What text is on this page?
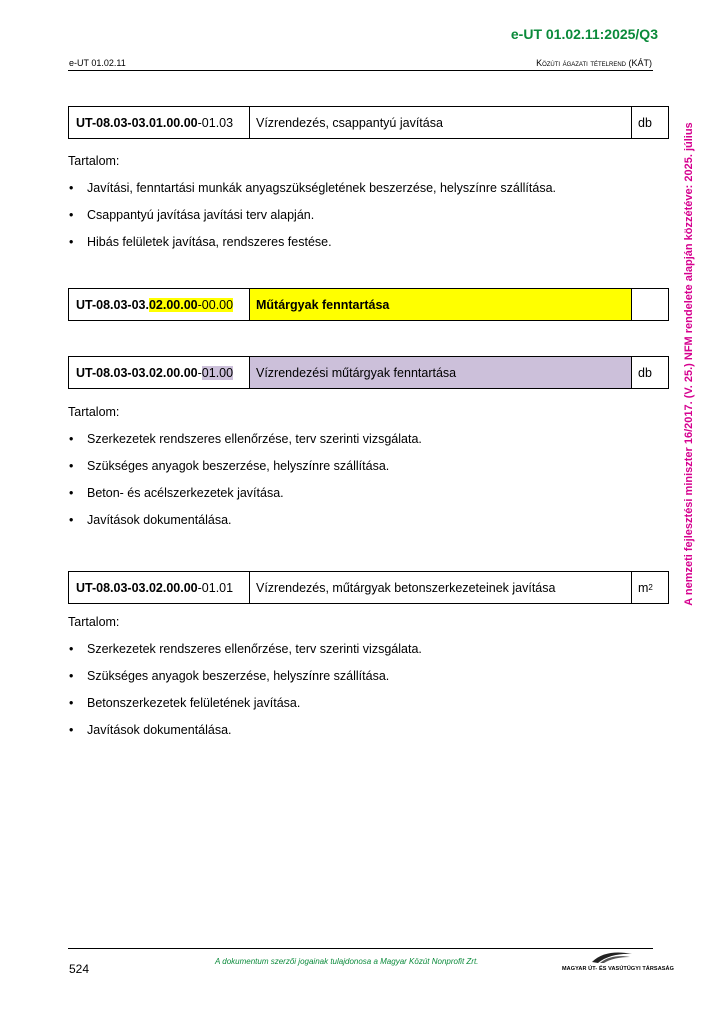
e-UT 01.02.11:2025/Q3
e-UT 01.02.11	Közúti ágazati tételrend (KÁT)
A nemzeti fejlesztési miniszter 16/2017. (V. 25.) NFM rendelete alapján közzétéve: 2025. július
UT-08.03-03.01.00.00 -01.03	Vízrendezés, csappantyú javítása	db
Tartalom:
• Javítási, fenntartási munkák anyagszükségletének beszerzése, helyszínre szállítása.
• Csappantyú javítása javítási terv alapján.
• Hibás felületek javítása, rendszeres festése.
UT-08.03-03. 02.00.00 -00.00	Műtárgyak fenntartása
UT-08.03-03.02.00.00 - 01.00	Vízrendezési műtárgyak fenntartása	db
Tartalom:
• Szerkezetek rendszeres ellenőrzése, terv szerinti vizsgálata.
• Szükséges anyagok beszerzése, helyszínre szállítása.
• Beton- és acélszerkezetek javítása.
• Javítások dokumentálása.
UT-08.03-03.02.00.00 -01.01	Vízrendezés, műtárgyak betonszerkezeteinek javítása	m 2
Tartalom:
• Szerkezetek rendszeres ellenőrzése, terv szerinti vizsgálata.
• Szükséges anyagok beszerzése, helyszínre szállítása.
• Betonszerkezetek felületének javítása.
• Javítások dokumentálása.
524
A dokumentum szerzői jogainak tulajdonosa a Magyar Közút Nonprofit Zrt.
MAGYAR ÚT- ÉS VASÚTÜGYI TÁRSASÁG
